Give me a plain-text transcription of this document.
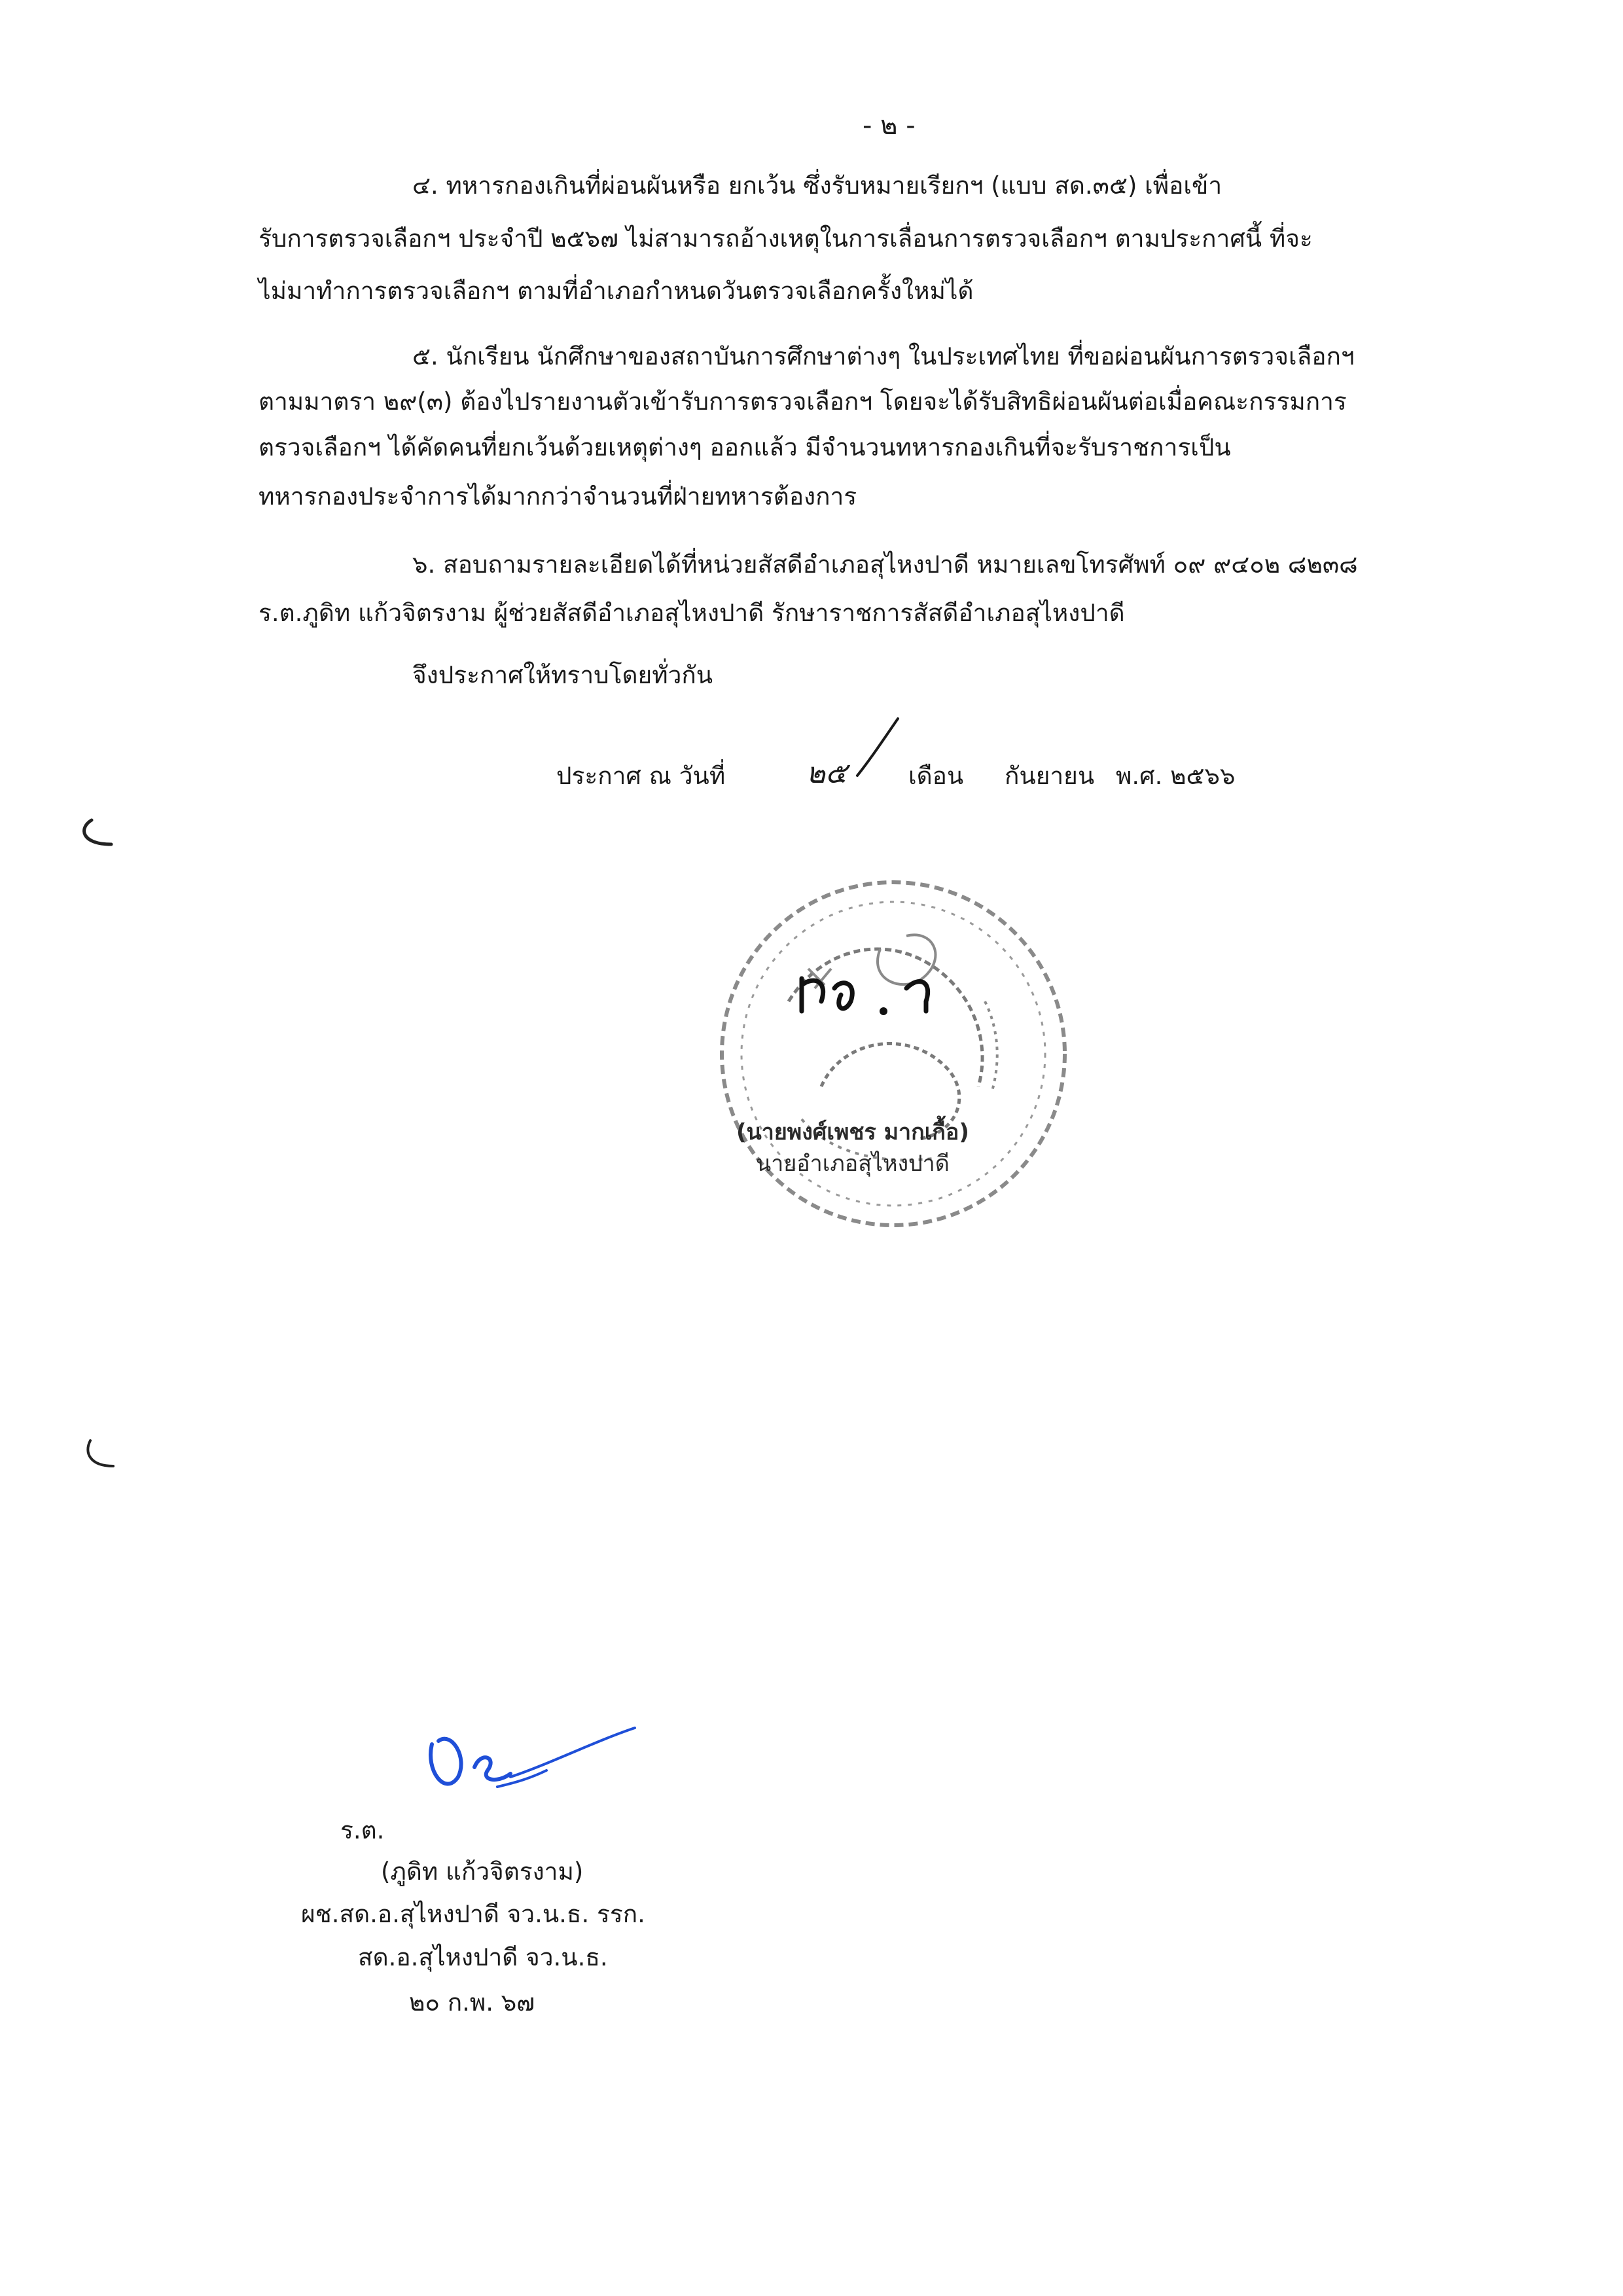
- ๒ -
๔. ทหารกองเกินที่ผ่อนผันหรือ ยกเว้น ซึ่งรับหมายเรียกฯ (แบบ สด.๓๕) เพื่อเข้า
รับการตรวจเลือกฯ ประจำปี ๒๕๖๗ ไม่สามารถอ้างเหตุในการเลื่อนการตรวจเลือกฯ ตามประกาศนี้ ที่จะ
ไม่มาทำการตรวจเลือกฯ ตามที่อำเภอกำหนดวันตรวจเลือกครั้งใหม่ได้
๕. นักเรียน นักศึกษาของสถาบันการศึกษาต่างๆ ในประเทศไทย ที่ขอผ่อนผันการตรวจเลือกฯ
ตามมาตรา ๒๙(๓) ต้องไปรายงานตัวเข้ารับการตรวจเลือกฯ โดยจะได้รับสิทธิผ่อนผันต่อเมื่อคณะกรรมการ
ตรวจเลือกฯ ได้คัดคนที่ยกเว้นด้วยเหตุต่างๆ ออกแล้ว มีจำนวนทหารกองเกินที่จะรับราชการเป็น
ทหารกองประจำการได้มากกว่าจำนวนที่ฝ่ายทหารต้องการ
๖. สอบถามรายละเอียดได้ที่หน่วยสัสดีอำเภอสุไหงปาดี หมายเลขโทรศัพท์ ๐๙ ๙๔๐๒ ๘๒๓๘
ร.ต.ภูดิท แก้วจิตรงาม ผู้ช่วยสัสดีอำเภอสุไหงปาดี รักษาราชการสัสดีอำเภอสุไหงปาดี
จึงประกาศให้ทราบโดยทั่วกัน
ประกาศ ณ วันที่	๒๕	เดือน กันยายน พ.ศ. ๒๕๖๖
(นายพงศ์เพชร มากเกื้อ)
นายอำเภอสุไหงปาดี
ร.ต.
(ภูดิท แก้วจิตรงาม)
ผช.สด.อ.สุไหงปาดี จว.น.ธ. รรก.
สด.อ.สุไหงปาดี จว.น.ธ.
๒๐ ก.พ. ๖๗
